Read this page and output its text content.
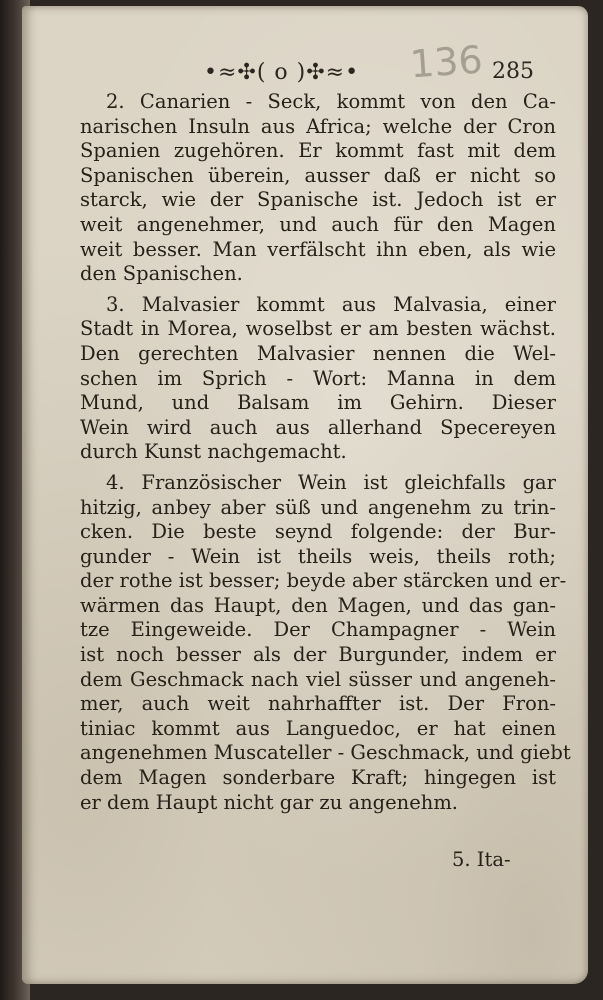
•≈✣( o )✣≈• 136 285
2. Canarien - Seck, kommt von den Ca-
narischen Insuln aus Africa; welche der Cron
Spanien zugehören. Er kommt fast mit dem
Spanischen überein, ausser daß er nicht so
starck, wie der Spanische ist. Jedoch ist er
weit angenehmer, und auch für den Magen
weit besser. Man verfälscht ihn eben, als wie
den Spanischen.
3. Malvasier kommt aus Malvasia, einer
Stadt in Morea, woselbst er am besten wächst.
Den gerechten Malvasier nennen die Wel-
schen im Sprich - Wort: Manna in dem
Mund, und Balsam im Gehirn. Dieser
Wein wird auch aus allerhand Specereyen
durch Kunst nachgemacht.
4. Französischer Wein ist gleichfalls gar
hitzig, anbey aber süß und angenehm zu trin-
cken. Die beste seynd folgende: der Bur-
gunder - Wein ist theils weis, theils roth;
der rothe ist besser; beyde aber stärcken und er-
wärmen das Haupt, den Magen, und das gan-
tze Eingeweide. Der Champagner - Wein
ist noch besser als der Burgunder, indem er
dem Geschmack nach viel süsser und angeneh-
mer, auch weit nahrhaffter ist. Der Fron-
tiniac kommt aus Languedoc, er hat einen
angenehmen Muscateller - Geschmack, und giebt
dem Magen sonderbare Kraft; hingegen ist
er dem Haupt nicht gar zu angenehm.
5. Ita-
